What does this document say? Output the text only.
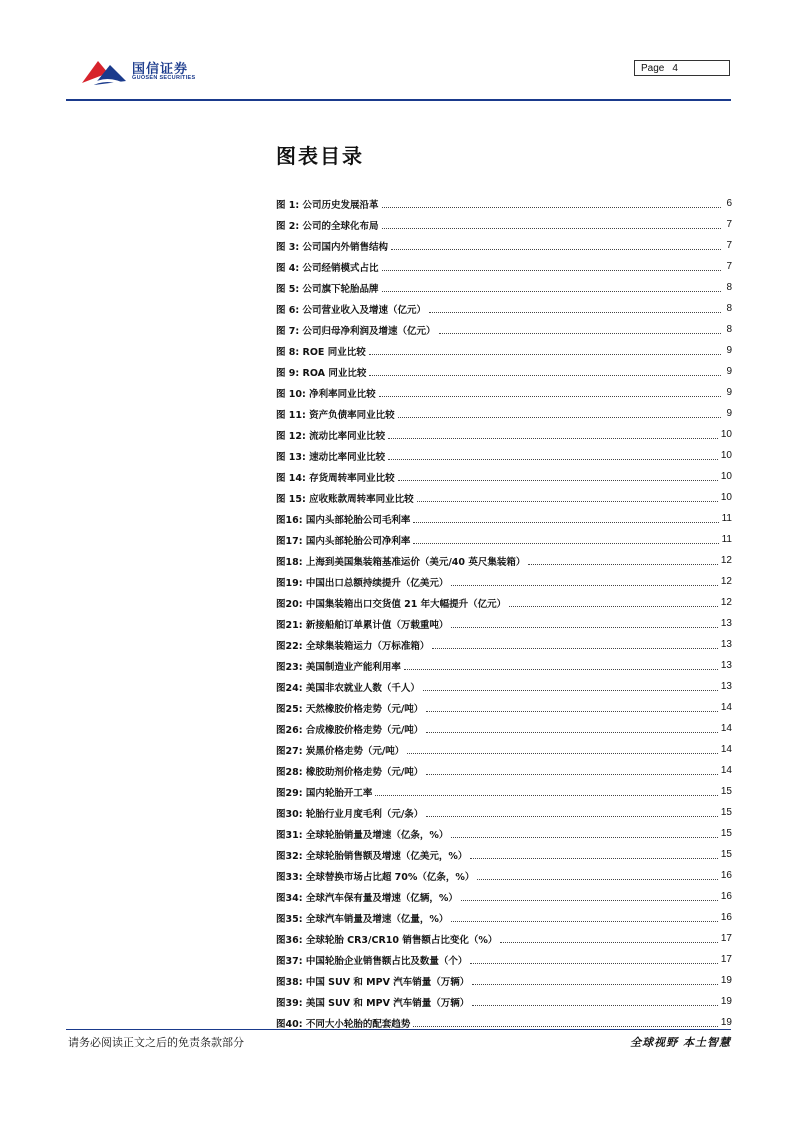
国信证券
GUOSEN SECURITIES
Page 4
图表目录
图 1: 公司历史发展沿革	6
图 2: 公司的全球化布局	7
图 3: 公司国内外销售结构	7
图 4: 公司经销模式占比	7
图 5: 公司旗下轮胎品牌	8
图 6: 公司营业收入及增速（亿元）	8
图 7: 公司归母净利润及增速（亿元）	8
图 8: ROE 同业比较	9
图 9: ROA 同业比较	9
图 10: 净利率同业比较	9
图 11: 资产负债率同业比较	9
图 12: 流动比率同业比较	10
图 13: 速动比率同业比较	10
图 14: 存货周转率同业比较	10
图 15: 应收账款周转率同业比较	10
图16: 国内头部轮胎公司毛利率	11
图17: 国内头部轮胎公司净利率	11
图18: 上海到美国集装箱基准运价（美元/40 英尺集装箱）	12
图19: 中国出口总额持续提升（亿美元）	12
图20: 中国集装箱出口交货值 21 年大幅提升（亿元）	12
图21: 新接船舶订单累计值（万载重吨）	13
图22: 全球集装箱运力（万标准箱）	13
图23: 美国制造业产能利用率	13
图24: 美国非农就业人数（千人）	13
图25: 天然橡胶价格走势（元/吨）	14
图26: 合成橡胶价格走势（元/吨）	14
图27: 炭黑价格走势（元/吨）	14
图28: 橡胶助剂价格走势（元/吨）	14
图29: 国内轮胎开工率	15
图30: 轮胎行业月度毛利（元/条）	15
图31: 全球轮胎销量及增速（亿条，%）	15
图32: 全球轮胎销售额及增速（亿美元，%）	15
图33: 全球替换市场占比超 70%（亿条，%）	16
图34: 全球汽车保有量及增速（亿辆，%）	16
图35: 全球汽车销量及增速（亿量，%）	16
图36: 全球轮胎 CR3/CR10 销售额占比变化（%）	17
图37: 中国轮胎企业销售额占比及数量（个）	17
图38: 中国 SUV 和 MPV 汽车销量（万辆）	19
图39: 美国 SUV 和 MPV 汽车销量（万辆）	19
图40: 不同大小轮胎的配套趋势	19
请务必阅读正文之后的免责条款部分	全球视野 本土智慧
